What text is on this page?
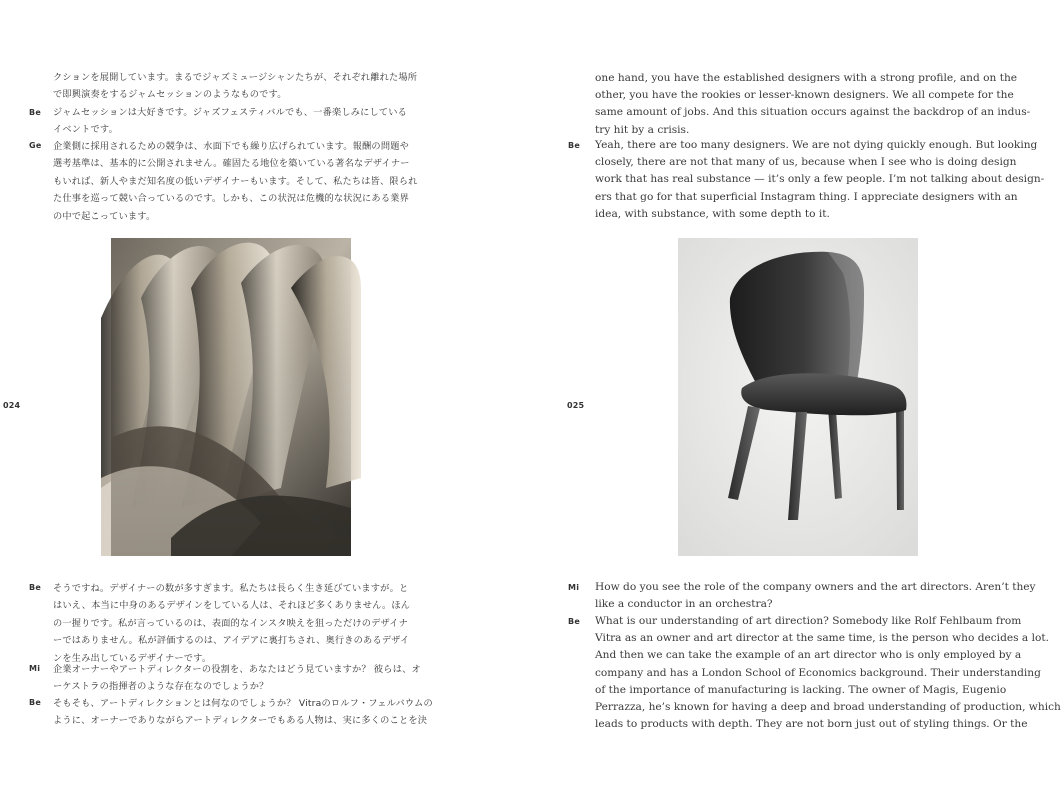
024
クションを展開しています。まるでジャズミュージシャンたちが、それぞれ離れた場所
で即興演奏をするジャムセッションのようなものです。
Be ジャムセッションは大好きです。ジャズフェスティバルでも、一番楽しみにしている
イベントです。
Ge 企業側に採用されるための競争は、水面下でも繰り広げられています。報酬の問題や
選考基準は、基本的に公開されません。確固たる地位を築いている著名なデザイナー
もいれば、新人やまだ知名度の低いデザイナーもいます。そして、私たちは皆、限られ
た仕事を巡って競い合っているのです。しかも、この状況は危機的な状況にある業界
の中で起こっています。
Be そうですね。デザイナーの数が多すぎます。私たちは長らく生き延びていますが。と
はいえ、本当に中身のあるデザインをしている人は、それほど多くありません。ほん
の一握りです。私が言っているのは、表面的なインスタ映えを狙っただけのデザイナ
ーではありません。私が評価するのは、アイデアに裏打ちされ、奥行きのあるデザイ
ンを生み出しているデザイナーです。
Mi 企業オーナーやアートディレクターの役割を、あなたはどう見ていますか？ 彼らは、オ
ーケストラの指揮者のような存在なのでしょうか？
Be そもそも、アートディレクションとは何なのでしょうか？ Vitraのロルフ・フェルバウムの
ように、オーナーでありながらアートディレクターでもある人物は、実に多くのことを決
025
one hand, you have the established designers with a strong profile, and on the
other, you have the rookies or lesser-known designers. We all compete for the
same amount of jobs. And this situation occurs against the backdrop of an indus-
try hit by a crisis.
Be Yeah, there are too many designers. We are not dying quickly enough. But looking
closely, there are not that many of us, because when I see who is doing design
work that has real substance — it’s only a few people. I’m not talking about design-
ers that go for that superficial Instagram thing. I appreciate designers with an
idea, with substance, with some depth to it.
Mi How do you see the role of the company owners and the art directors. Aren’t they
like a conductor in an orchestra?
Be What is our understanding of art direction? Somebody like Rolf Fehlbaum from
Vitra as an owner and art director at the same time, is the person who decides a lot.
And then we can take the example of an art director who is only employed by a
company and has a London School of Economics background. Their understanding
of the importance of manufacturing is lacking. The owner of Magis, Eugenio
Perrazza, he’s known for having a deep and broad understanding of production, which
leads to products with depth. They are not born just out of styling things. Or the
